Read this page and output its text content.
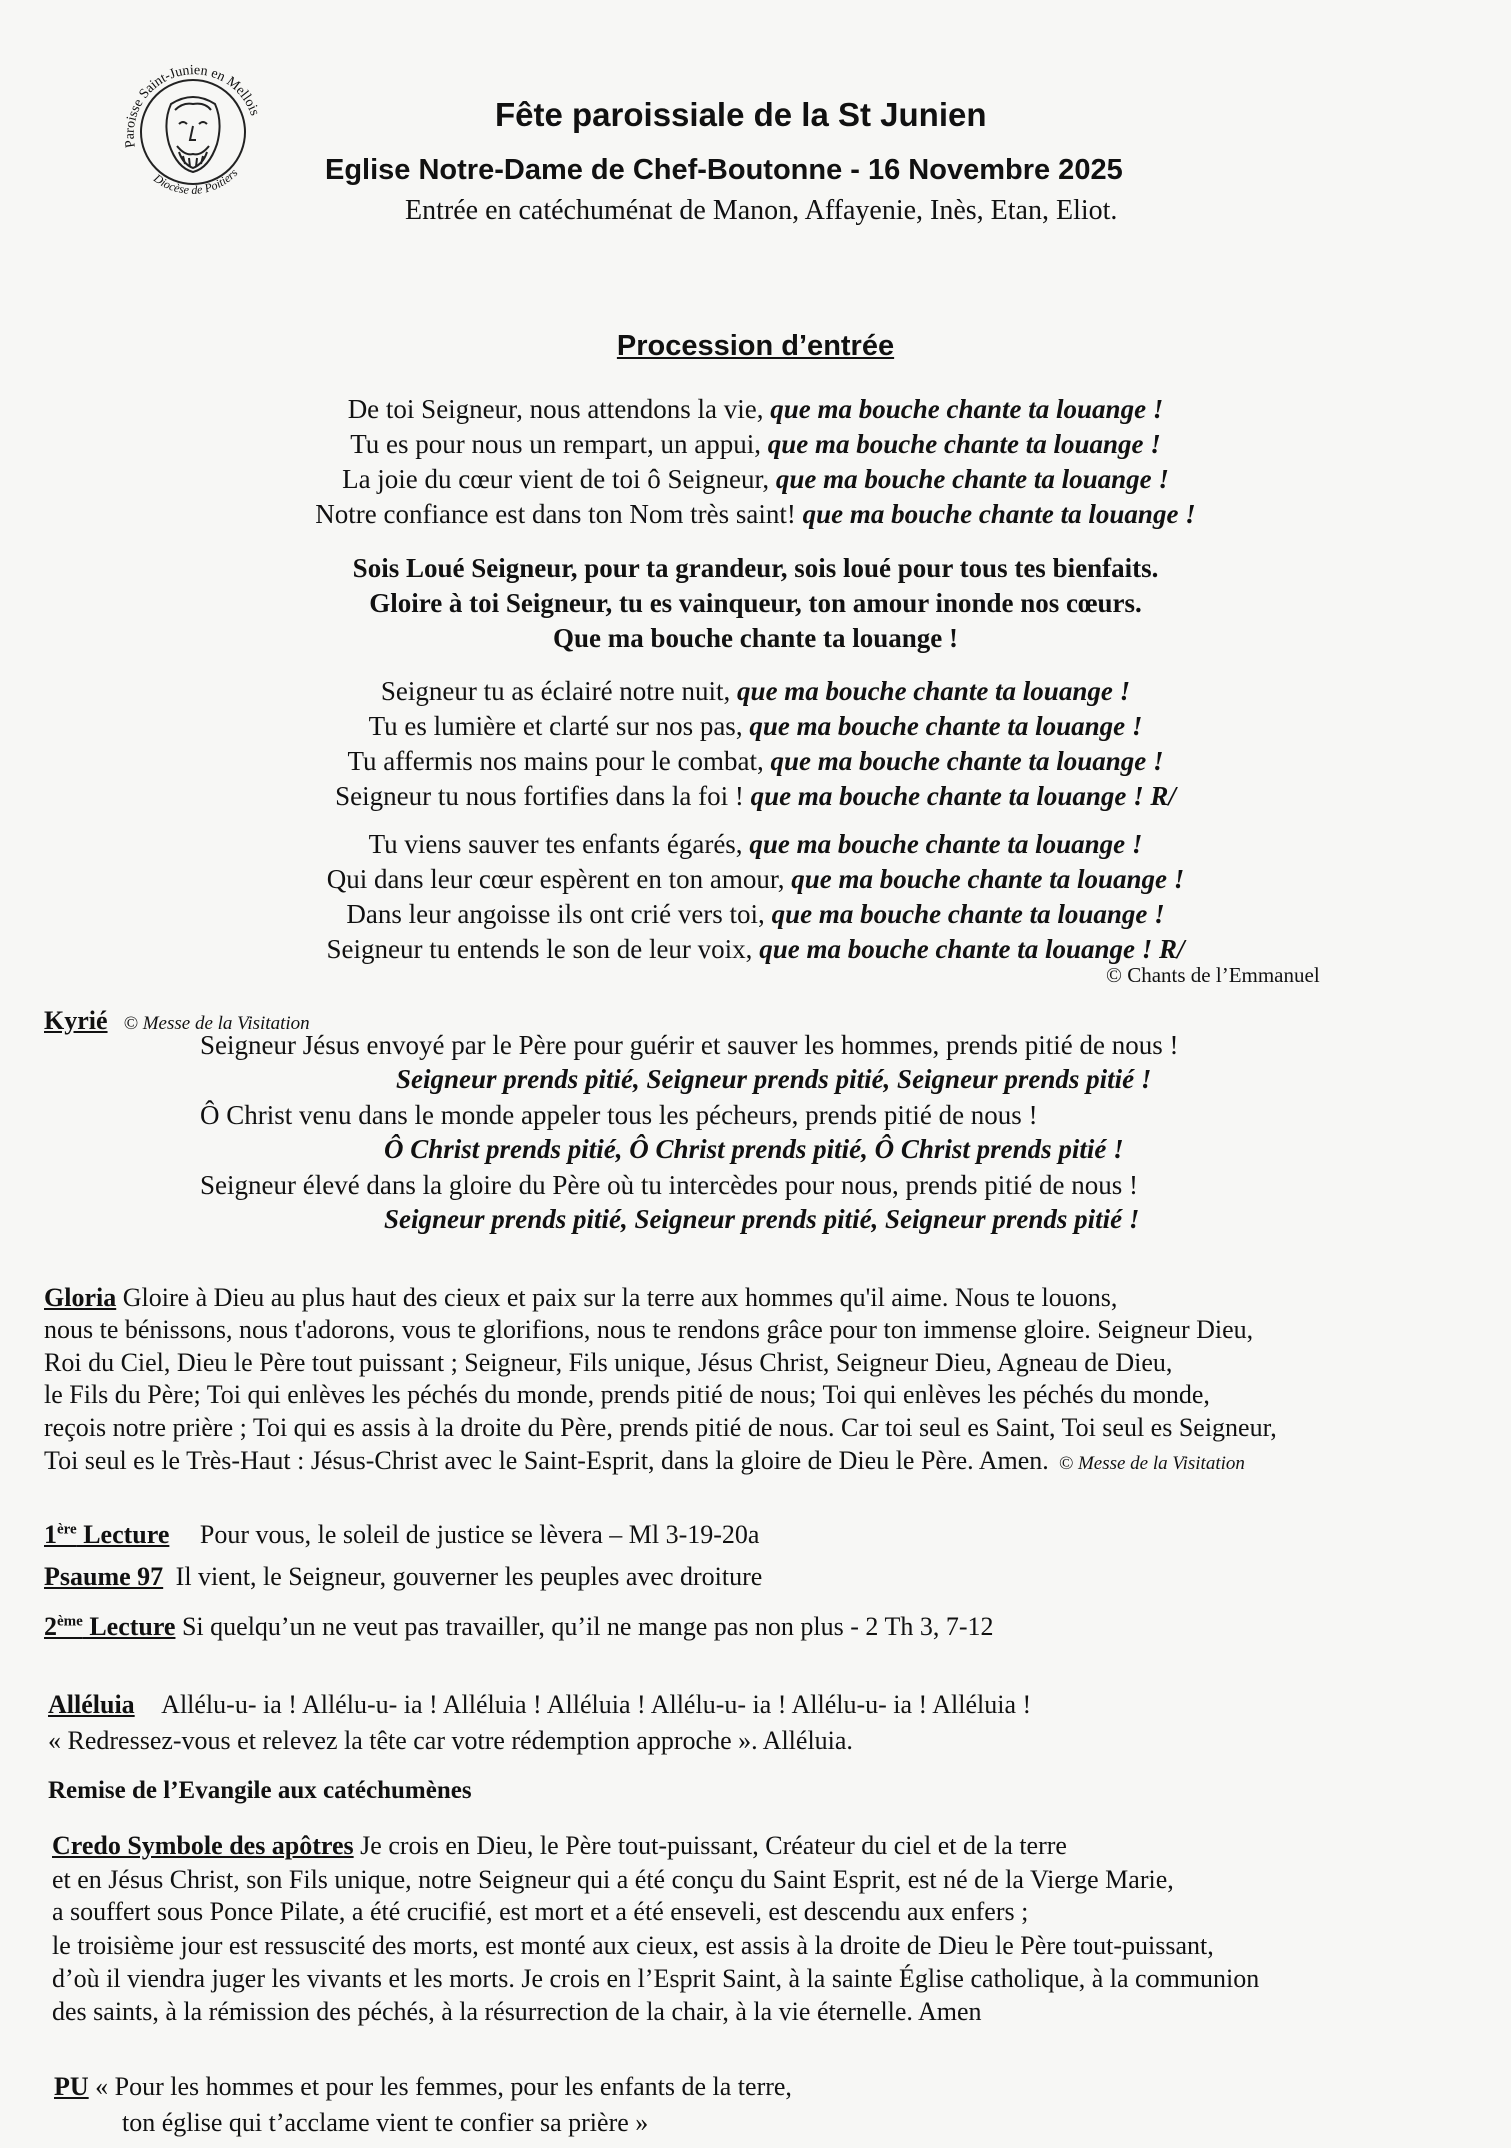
Paroisse Saint-Junien en Mellois
Diocèse de Poitiers
Fête paroissiale de la St Junien
Eglise Notre-Dame de Chef-Boutonne - 16 Novembre 2025
Entrée en catéchuménat de Manon, Affayenie, Inès, Etan, Eliot.
Procession d’entrée
De toi Seigneur, nous attendons la vie, que ma bouche chante ta louange !
Tu es pour nous un rempart, un appui, que ma bouche chante ta louange !
La joie du cœur vient de toi ô Seigneur, que ma bouche chante ta louange !
Notre confiance est dans ton Nom très saint! que ma bouche chante ta louange !
Sois Loué Seigneur, pour ta grandeur, sois loué pour tous tes bienfaits.
Gloire à toi Seigneur, tu es vainqueur, ton amour inonde nos cœurs.
Que ma bouche chante ta louange !
Seigneur tu as éclairé notre nuit, que ma bouche chante ta louange !
Tu es lumière et clarté sur nos pas, que ma bouche chante ta louange !
Tu affermis nos mains pour le combat, que ma bouche chante ta louange !
Seigneur tu nous fortifies dans la foi ! que ma bouche chante ta louange ! R/
Tu viens sauver tes enfants égarés, que ma bouche chante ta louange !
Qui dans leur cœur espèrent en ton amour, que ma bouche chante ta louange !
Dans leur angoisse ils ont crié vers toi, que ma bouche chante ta louange !
Seigneur tu entends le son de leur voix, que ma bouche chante ta louange ! R/
© Chants de l’Emmanuel
Kyrié © Messe de la Visitation
Seigneur Jésus envoyé par le Père pour guérir et sauver les hommes, prends pitié de nous !
Seigneur prends pitié, Seigneur prends pitié, Seigneur prends pitié !
Ô Christ venu dans le monde appeler tous les pécheurs, prends pitié de nous !
Ô Christ prends pitié, Ô Christ prends pitié, Ô Christ prends pitié !
Seigneur élevé dans la gloire du Père où tu intercèdes pour nous, prends pitié de nous !
Seigneur prends pitié, Seigneur prends pitié, Seigneur prends pitié !
Gloria Gloire à Dieu au plus haut des cieux et paix sur la terre aux hommes qu'il aime. Nous te louons,
nous te bénissons, nous t'adorons, vous te glorifions, nous te rendons grâce pour ton immense gloire. Seigneur Dieu,
Roi du Ciel, Dieu le Père tout puissant ; Seigneur, Fils unique, Jésus Christ, Seigneur Dieu, Agneau de Dieu,
le Fils du Père; Toi qui enlèves les péchés du monde, prends pitié de nous; Toi qui enlèves les péchés du monde,
reçois notre prière ; Toi qui es assis à la droite du Père, prends pitié de nous. Car toi seul es Saint, Toi seul es Seigneur,
Toi seul es le Très-Haut : Jésus-Christ avec le Saint-Esprit, dans la gloire de Dieu le Père. Amen. © Messe de la Visitation
1ère Lecture Pour vous, le soleil de justice se lèvera – Ml 3-19-20a
Psaume 97 Il vient, le Seigneur, gouverner les peuples avec droiture
2ème Lecture Si quelqu’un ne veut pas travailler, qu’il ne mange pas non plus - 2 Th 3, 7-12
Alléluia Allélu-u- ia ! Allélu-u- ia ! Alléluia ! Alléluia ! Allélu-u- ia ! Allélu-u- ia ! Alléluia !
« Redressez-vous et relevez la tête car votre rédemption approche ». Alléluia.
Remise de l’Evangile aux catéchumènes
Credo Symbole des apôtres Je crois en Dieu, le Père tout-puissant, Créateur du ciel et de la terre
et en Jésus Christ, son Fils unique, notre Seigneur qui a été conçu du Saint Esprit, est né de la Vierge Marie,
a souffert sous Ponce Pilate, a été crucifié, est mort et a été enseveli, est descendu aux enfers ;
le troisième jour est ressuscité des morts, est monté aux cieux, est assis à la droite de Dieu le Père tout-puissant,
d’où il viendra juger les vivants et les morts. Je crois en l’Esprit Saint, à la sainte Église catholique, à la communion
des saints, à la rémission des péchés, à la résurrection de la chair, à la vie éternelle. Amen
PU « Pour les hommes et pour les femmes, pour les enfants de la terre,
ton église qui t’acclame vient te confier sa prière »
